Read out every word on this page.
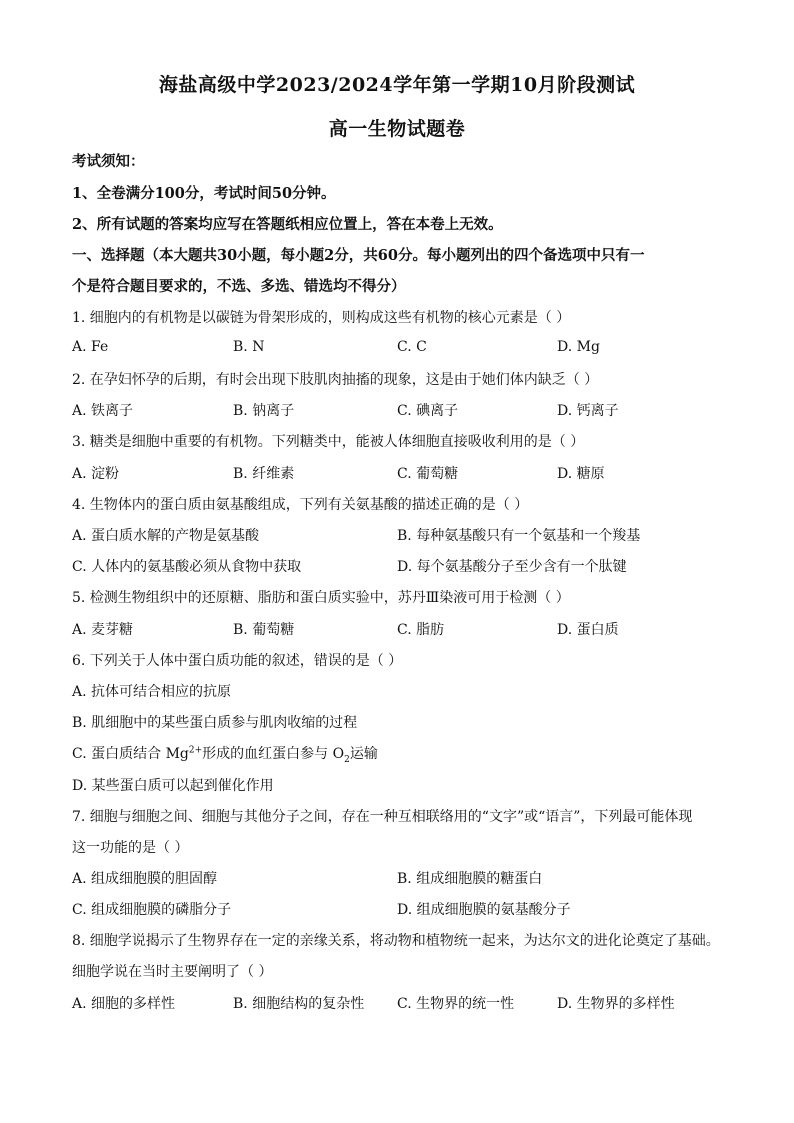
海盐高级中学2023/2024学年第一学期10月阶段测试
高一生物试题卷
考试须知：
1、全卷满分100分，考试时间50分钟。
2、所有试题的答案均应写在答题纸相应位置上，答在本卷上无效。
一、选择题（本大题共30小题，每小题2分，共60分。每小题列出的四个备选项中只有一
个是符合题目要求的，不选、多选、错选均不得分）
1. 细胞内的有机物是以碳链为骨架形成的，则构成这些有机物的核心元素是（ ）
A. Fe	B. N	C. C	D. Mg
2. 在孕妇怀孕的后期，有时会出现下肢肌肉抽搐的现象，这是由于她们体内缺乏（ ）
A. 铁离子	B. 钠离子	C. 碘离子	D. 钙离子
3. 糖类是细胞中重要的有机物。下列糖类中，能被人体细胞直接吸收利用的是（ ）
A. 淀粉	B. 纤维素	C. 葡萄糖	D. 糖原
4. 生物体内的蛋白质由氨基酸组成，下列有关氨基酸的描述正确的是（ ）
A. 蛋白质水解的产物是氨基酸	B. 每种氨基酸只有一个氨基和一个羧基
C. 人体内的氨基酸必须从食物中获取	D. 每个氨基酸分子至少含有一个肽键
5. 检测生物组织中的还原糖、脂肪和蛋白质实验中，苏丹Ⅲ染液可用于检测（ ）
A. 麦芽糖	B. 葡萄糖	C. 脂肪	D. 蛋白质
6. 下列关于人体中蛋白质功能的叙述，错误的是（ ）
A. 抗体可结合相应的抗原
B. 肌细胞中的某些蛋白质参与肌肉收缩的过程
C. 蛋白质结合 $Mg^{2+}$形成的血红蛋白参与 $O_2$运输
D. 某些蛋白质可以起到催化作用
7. 细胞与细胞之间、细胞与其他分子之间，存在一种互相联络用的“文字”或“语言”，下列最可能体现
这一功能的是（ ）
A. 组成细胞膜的胆固醇	B. 组成细胞膜的糖蛋白
C. 组成细胞膜的磷脂分子	D. 组成细胞膜的氨基酸分子
8. 细胞学说揭示了生物界存在一定的亲缘关系，将动物和植物统一起来，为达尔文的进化论奠定了基础。
细胞学说在当时主要阐明了（ ）
A. 细胞的多样性	B. 细胞结构的复杂性 C. 生物界的统一性	D. 生物界的多样性
